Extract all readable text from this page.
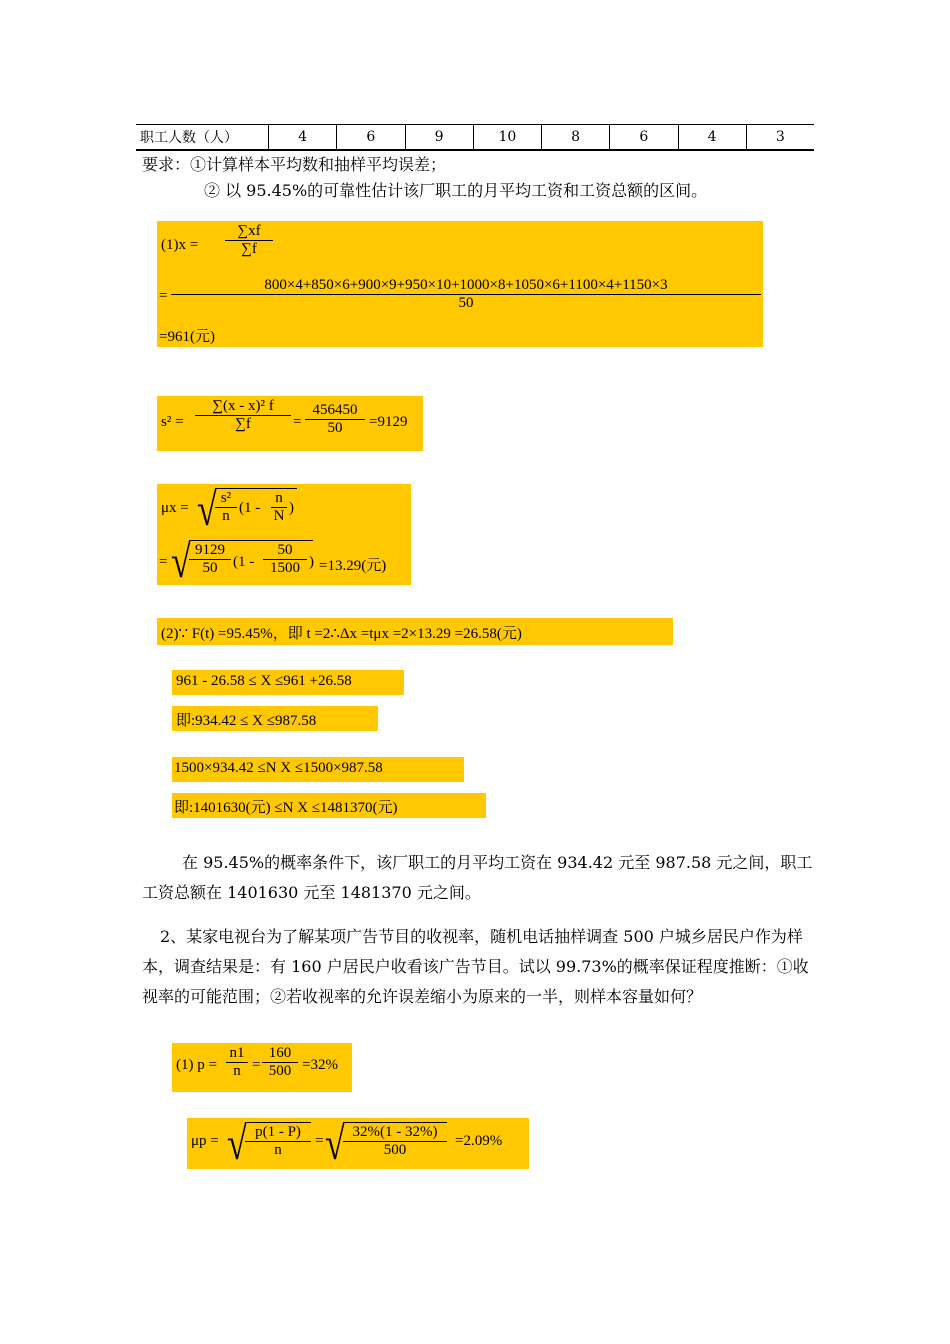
职工人数（人）	4	6	9	10	8	6	4	3
要求：①计算样本平均数和抽样平均误差；
② 以 95.45%的可靠性估计该厂职工的月平均工资和工资总额的区间。
$(1)x = \frac{\sum xf}{\sum f}$
= $\frac{800\times 4+850\times 6+900\times 9+950\times 10+1000\times 8+1050\times 6+1100\times 4+1150\times 3}{50}$
=961(元)
$s^2 = \frac{\text{∑(x - x)² f}}{\sum f} = \frac{456450}{50} =9129$
μx = √
$\frac{\text{s²}}{n} (1 - \frac{n}{N}$ )
= √
$\frac{9129}{50} (1 - \frac{50}{1500}$ ) =13.29(元)
(2)∵ F(t) =95.45%，即 t =2∴Δx =tμx =2×13.29 =26.58(元)
961 - 26.58 ≤ X ≤961 +26.58
即:934.42 ≤ X ≤987.58
1500×934.42 ≤N X ≤1500×987.58
即:1401630(元) ≤N X ≤1481370(元)
在 95.45%的概率条件下，该厂职工的月平均工资在 934.42 元至 987.58 元之间，职工工资总额在 1401630 元至 1481370 元之间。
2、某家电视台为了解某项广告节目的收视率，随机电话抽样调查 500 户城乡居民户作为样本，调查结果是：有 160 户居民户收看该广告节目。试以 99.73%的概率保证程度推断：①收视率的可能范围；②若收视率的允许误差缩小为原来的一半，则样本容量如何？
(1) $p = \frac{n1}{n} = \frac{160}{500} =32\%$
μp = √
$\frac{p(1 - P)}{n}$ = √
$\frac{32\%(1 - 32\%)}{500} =2.09\%$
